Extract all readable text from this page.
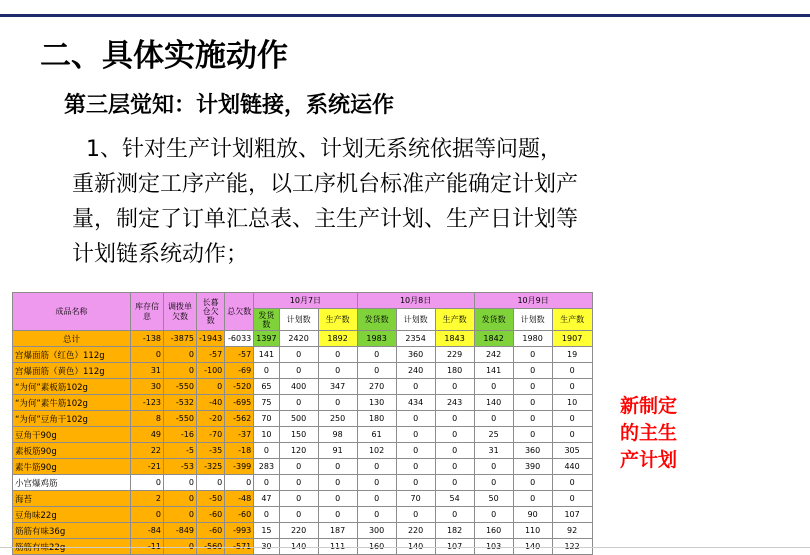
二、具体实施动作
第三层觉知：计划链接，系统运作
1、针对生产计划粗放、计划无系统依据等问题，
重新测定工序产能，以工序机台标准产能确定计划产
量，制定了订单汇总表、主生产计划、生产日计划等
计划链系统动作；
成品名称	库存信息	调拨单欠数	长暮仓欠数	总欠数	10月7日			10月8日			10月9日		
					发货数	计划数	生产数	发货数	计划数	生产数	发货数	计划数	生产数
总计	-138	-3875	-1943	-6033	1397	2420	1892	1983	2354	1843	1842	1980	1907
宫爆面筋（红色）112g	0	0	-57	-57	141	0	0	0	360	229	242	0	19
宫爆面筋（黄色）112g	31	0	-100	-69	0	0	0	0	240	180	141	0	0
“为何”素板筋102g	30	-550	0	-520	65	400	347	270	0	0	0	0	0
“为何”素牛筋102g	-123	-532	-40	-695	75	0	0	130	434	243	140	0	10
“为何”豆角干102g	8	-550	-20	-562	70	500	250	180	0	0	0	0	0
豆角干90g	49	-16	-70	-37	10	150	98	61	0	0	25	0	0
素板筋90g	22	-5	-35	-18	0	120	91	102	0	0	31	360	305
素牛筋90g	-21	-53	-325	-399	283	0	0	0	0	0	0	390	440
小宫爆鸡筋	0	0	0	0	0	0	0	0	0	0	0	0	0
海苔	2	0	-50	-48	47	0	0	0	70	54	50	0	0
豆角味22g	0	0	-60	-60	0	0	0	0	0	0	0	90	107
筋筋有味36g	-84	-849	-60	-993	15	220	187	300	220	182	160	110	92

新制定
的主生
产计划
